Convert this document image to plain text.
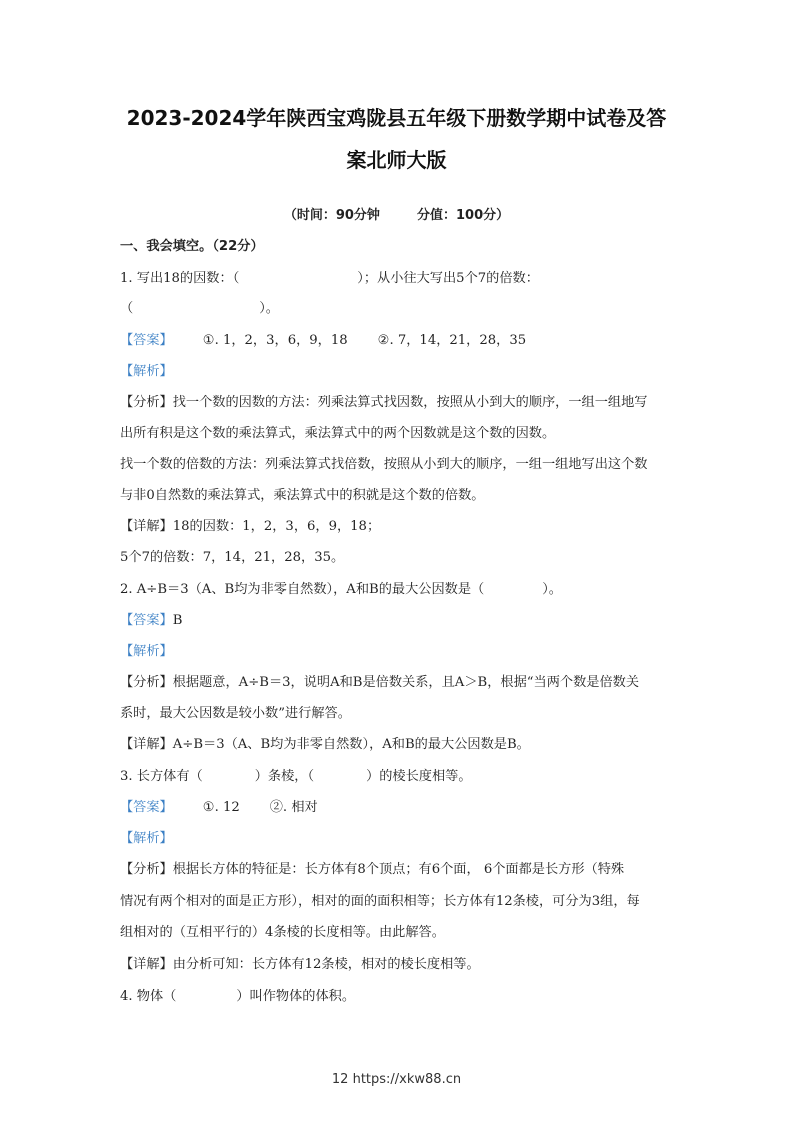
2023-2024学年陕西宝鸡陇县五年级下册数学期中试卷及答
案北师大版
（时间：90分钟	分值：100分）
一、我会填空。（22分）
1. 写出18的因数：（	）；从小往大写出5个7的倍数：
（	）。
【答案】 ①. 1，2，3，6，9，18 ②. 7，14，21，28，35
【解析】
【分析】找一个数的因数的方法：列乘法算式找因数，按照从小到大的顺序，一组一组地写
出所有积是这个数的乘法算式，乘法算式中的两个因数就是这个数的因数。
找一个数的倍数的方法：列乘法算式找倍数，按照从小到大的顺序，一组一组地写出这个数
与非0自然数的乘法算式，乘法算式中的积就是这个数的倍数。
【详解】18的因数：1，2，3，6，9，18；
5个7的倍数：7，14，21，28，35。
2. A÷B＝3（A、B均为非零自然数），A和B的最大公因数是（	）。
【答案】B
【解析】
【分析】根据题意，A÷B＝3，说明A和B是倍数关系，且A＞B，根据“当两个数是倍数关
系时，最大公因数是较小数”进行解答。
【详解】A÷B＝3（A、B均为非零自然数），A和B的最大公因数是B。
3. 长方体有（	）条棱，（	）的棱长度相等。
【答案】 ①. 12 ②. 相对
【解析】
【分析】根据长方体的特征是：长方体有8个顶点；有6个面， 6个面都是长方形（特殊
情况有两个相对的面是正方形），相对的面的面积相等；长方体有12条棱，可分为3组，每
组相对的（互相平行的）4条棱的长度相等。由此解答。
【详解】由分析可知：长方体有12条棱，相对的棱长度相等。
4. 物体（	）叫作物体的体积。
12 https://xkw88.cn
